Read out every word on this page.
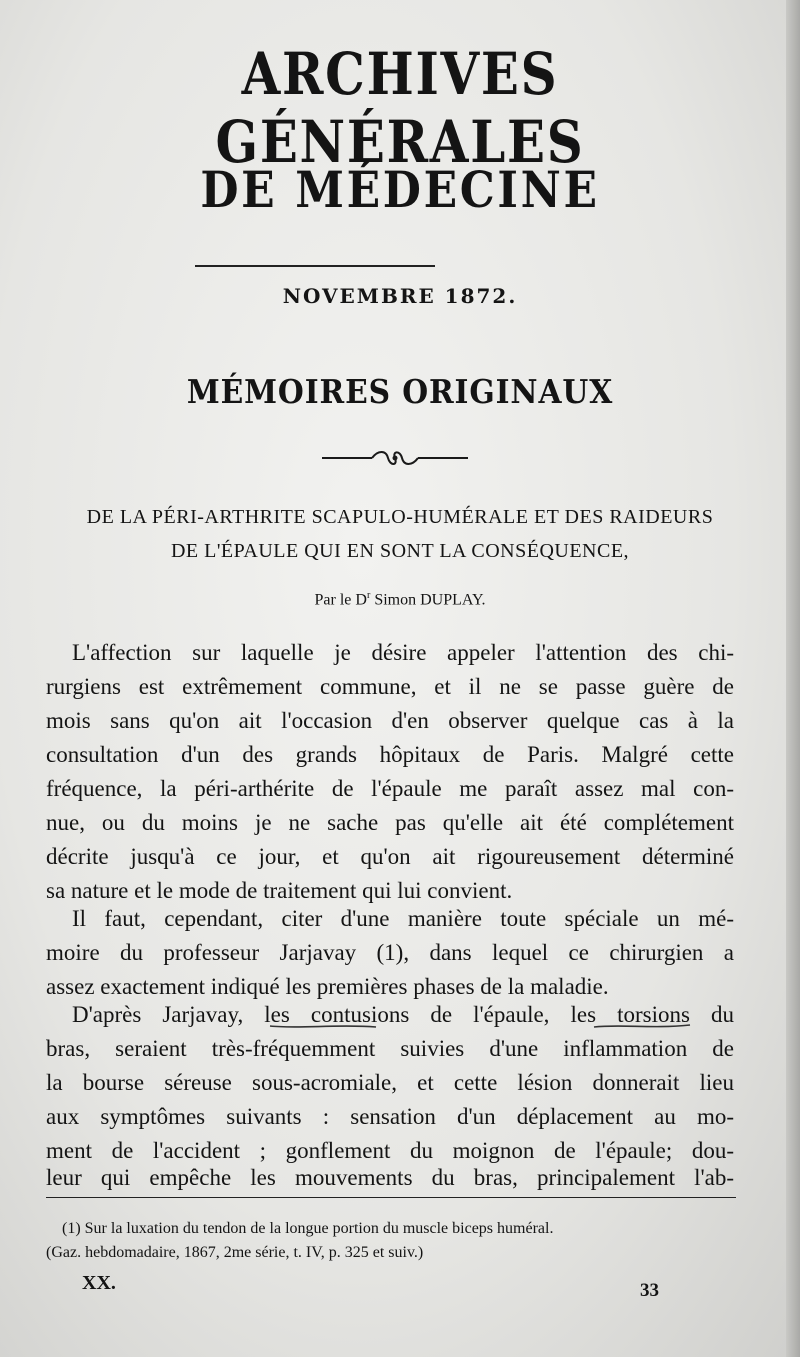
ARCHIVES GÉNÉRALES
DE MÉDECINE
NOVEMBRE 1872.
MÉMOIRES ORIGINAUX
DE LA PÉRI-ARTHRITE SCAPULO-HUMÉRALE ET DES RAIDEURS
DE L'ÉPAULE QUI EN SONT LA CONSÉQUENCE,
Par le $D^r$ Simon DUPLAY.
L'affection sur laquelle je désire appeler l'attention des chi-
rurgiens est extrêmement commune, et il ne se passe guère de
mois sans qu'on ait l'occasion d'en observer quelque cas à la
consultation d'un des grands hôpitaux de Paris. Malgré cette
fréquence, la péri-arthérite de l'épaule me paraît assez mal con-
nue, ou du moins je ne sache pas qu'elle ait été complétement
décrite jusqu'à ce jour, et qu'on ait rigoureusement déterminé
sa nature et le mode de traitement qui lui convient.
Il faut, cependant, citer d'une manière toute spéciale un mé-
moire du professeur Jarjavay (1), dans lequel ce chirurgien a
assez exactement indiqué les premières phases de la maladie.
D'après Jarjavay, les contusions de l'épaule, les torsions du
bras, seraient très-fréquemment suivies d'une inflammation de
la bourse séreuse sous-acromiale, et cette lésion donnerait lieu
aux symptômes suivants : sensation d'un déplacement au mo-
ment de l'accident ; gonflement du moignon de l'épaule; dou-
leur qui empêche les mouvements du bras, principalement l'ab-
(1) Sur la luxation du tendon de la longue portion du muscle biceps huméral.
(Gaz. hebdomadaire, 1867, 2me série, t. IV, p. 325 et suiv.)
XX.	33
